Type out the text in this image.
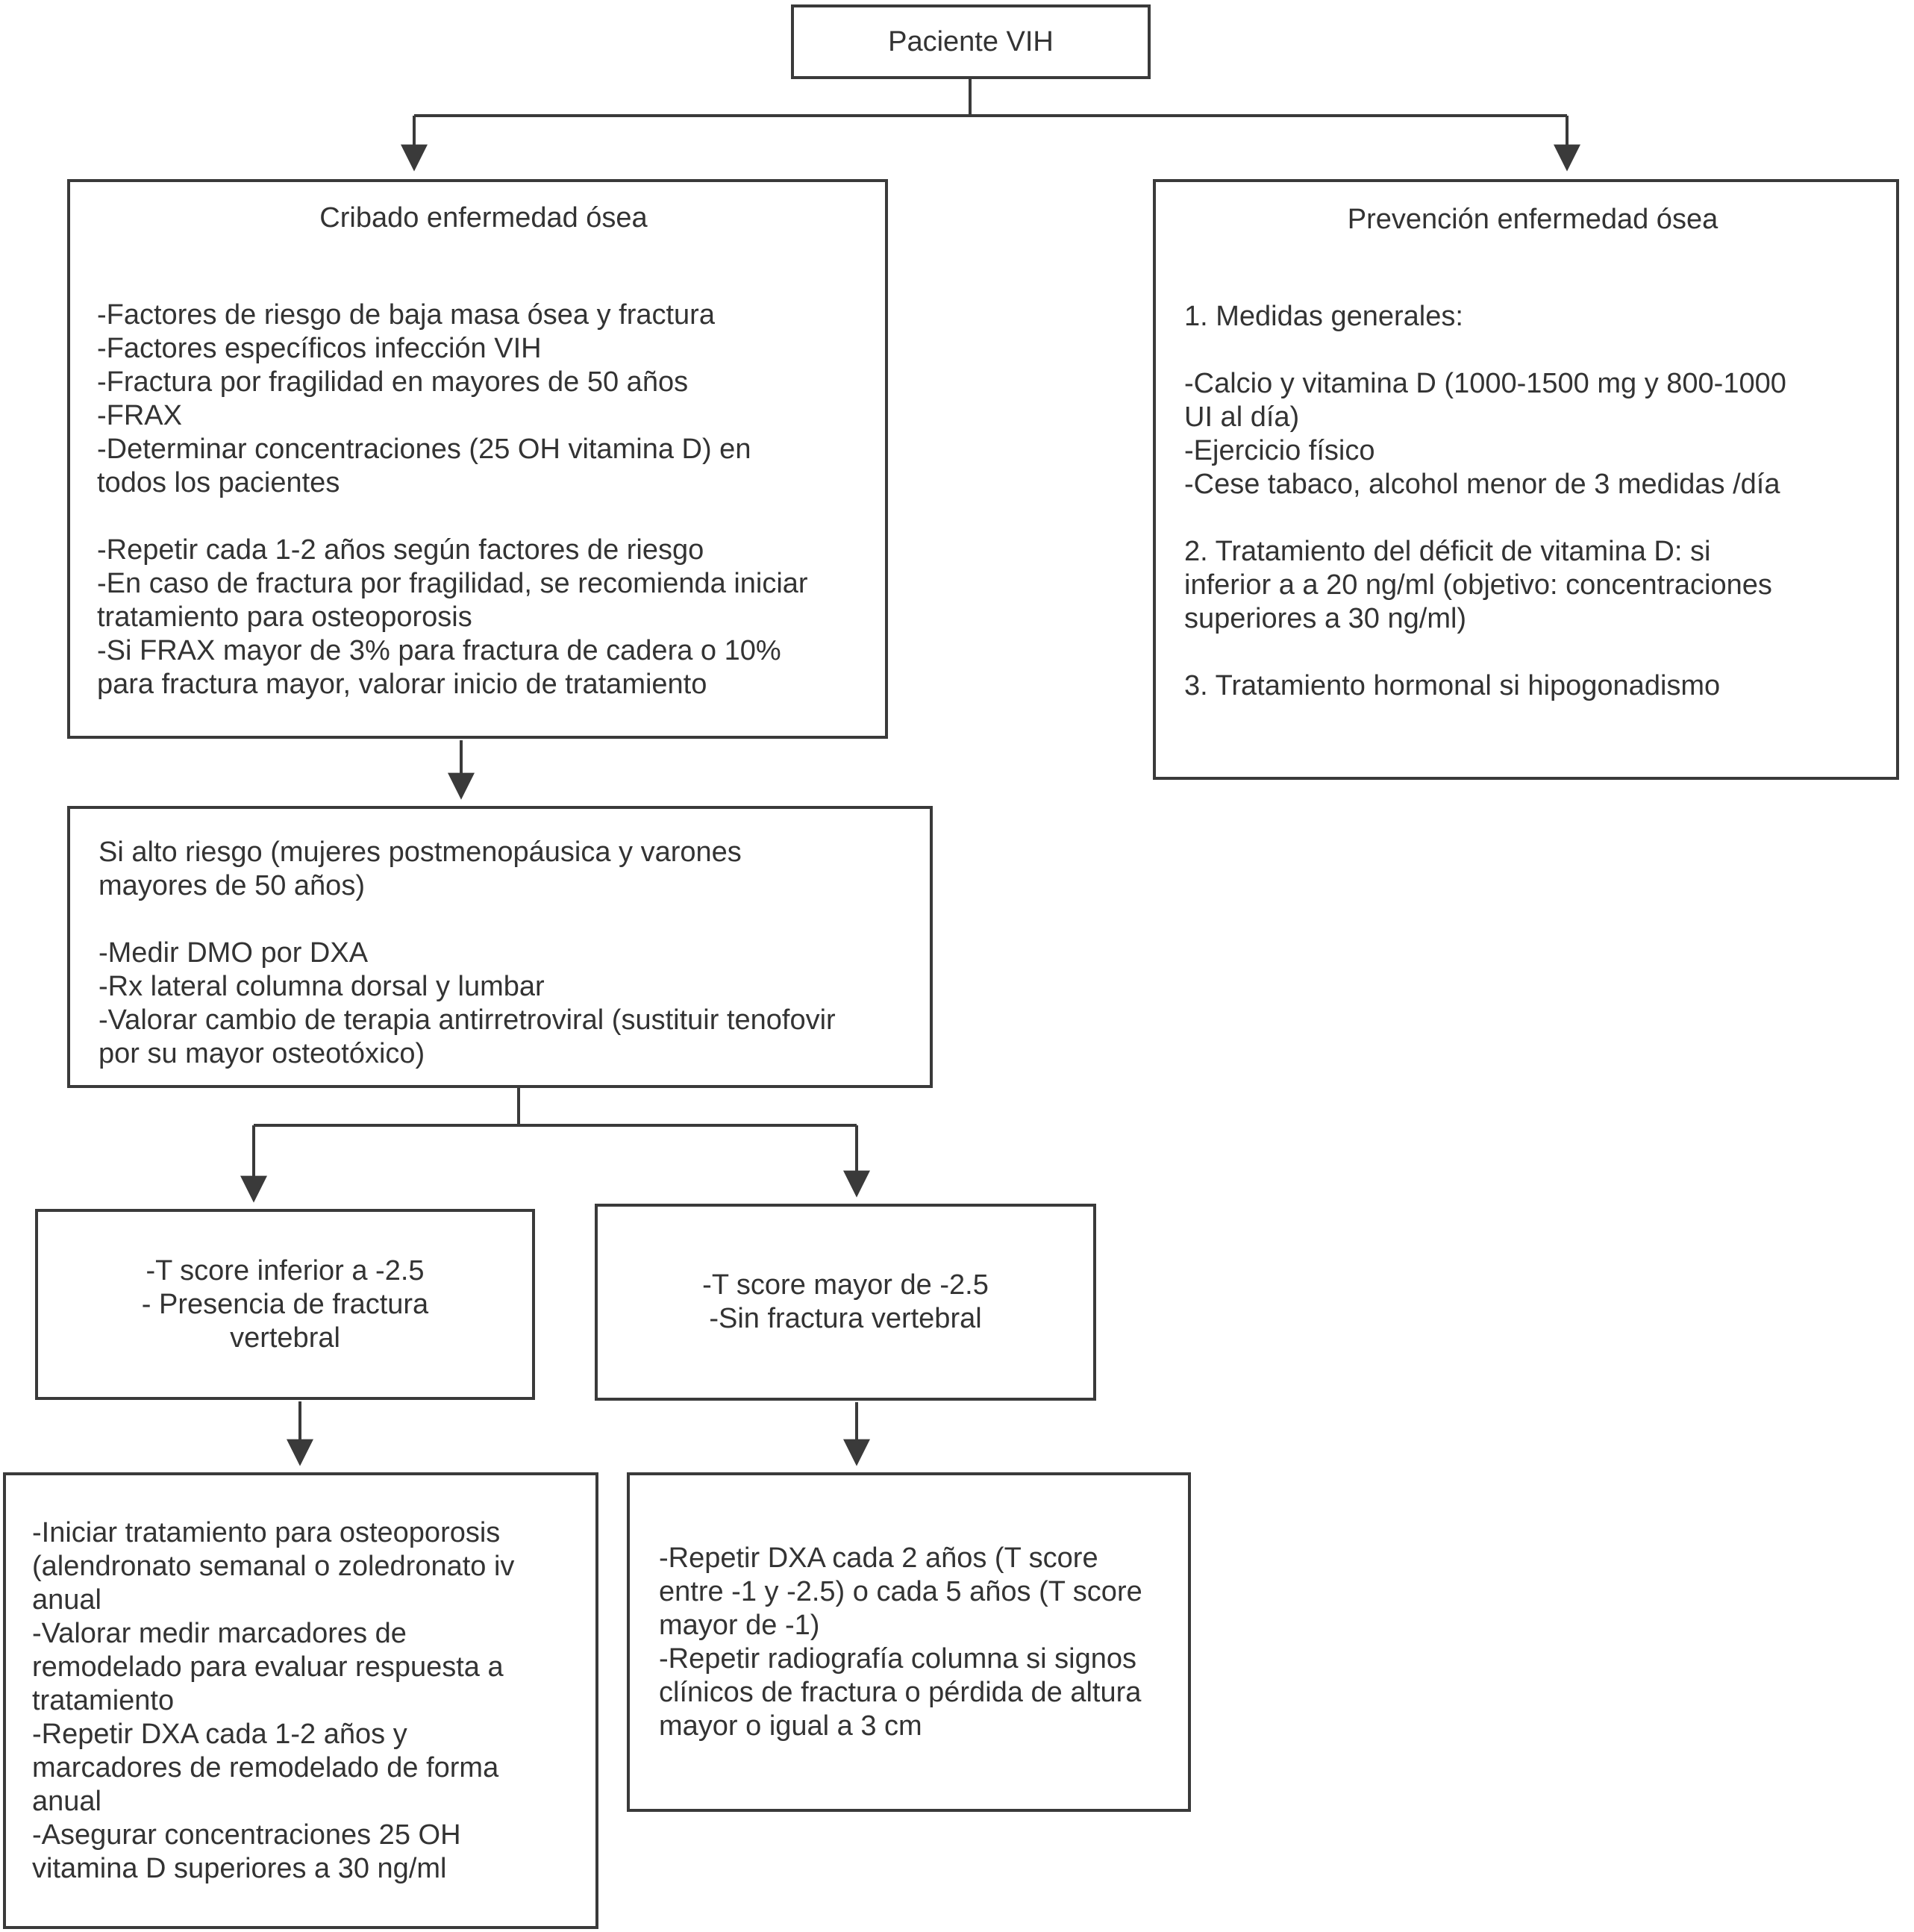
Paciente VIH
Cribado enfermedad ósea
-Factores de riesgo de baja masa ósea y fractura
-Factores específicos infección VIH
-Fractura por fragilidad en mayores de 50 años
-FRAX
-Determinar concentraciones (25 OH vitamina D) en
todos los pacientes

-Repetir cada 1-2 años según factores de riesgo
-En caso de fractura por fragilidad, se recomienda iniciar
tratamiento para osteoporosis
-Si FRAX mayor de 3% para fractura de cadera o 10%
para fractura mayor, valorar inicio de tratamiento
Prevención enfermedad ósea
1. Medidas generales:

-Calcio y vitamina D (1000-1500 mg y 800-1000
UI al día)
-Ejercicio físico
-Cese tabaco, alcohol menor de 3 medidas /día

2. Tratamiento del déficit de vitamina D: si
inferior a a 20 ng/ml (objetivo: concentraciones
superiores a 30 ng/ml)

3. Tratamiento hormonal si hipogonadismo
Si alto riesgo (mujeres postmenopáusica y varones
mayores de 50 años)

-Medir DMO por DXA
-Rx lateral columna dorsal y lumbar
-Valorar cambio de terapia antirretroviral (sustituir tenofovir
por su mayor osteotóxico)
-T score inferior a -2.5
- Presencia de fractura
vertebral
-T score mayor de -2.5
-Sin fractura vertebral
-Iniciar tratamiento para osteoporosis
(alendronato semanal o zoledronato iv
anual
-Valorar medir marcadores de
remodelado para evaluar respuesta a
tratamiento
-Repetir DXA cada 1-2 años y
marcadores de remodelado de forma
anual
-Asegurar concentraciones 25 OH
vitamina D superiores a 30 ng/ml
-Repetir DXA cada 2 años (T score
entre -1 y -2.5) o cada 5 años (T score
mayor de -1)
-Repetir radiografía columna si signos
clínicos de fractura o pérdida de altura
mayor o igual a 3 cm
